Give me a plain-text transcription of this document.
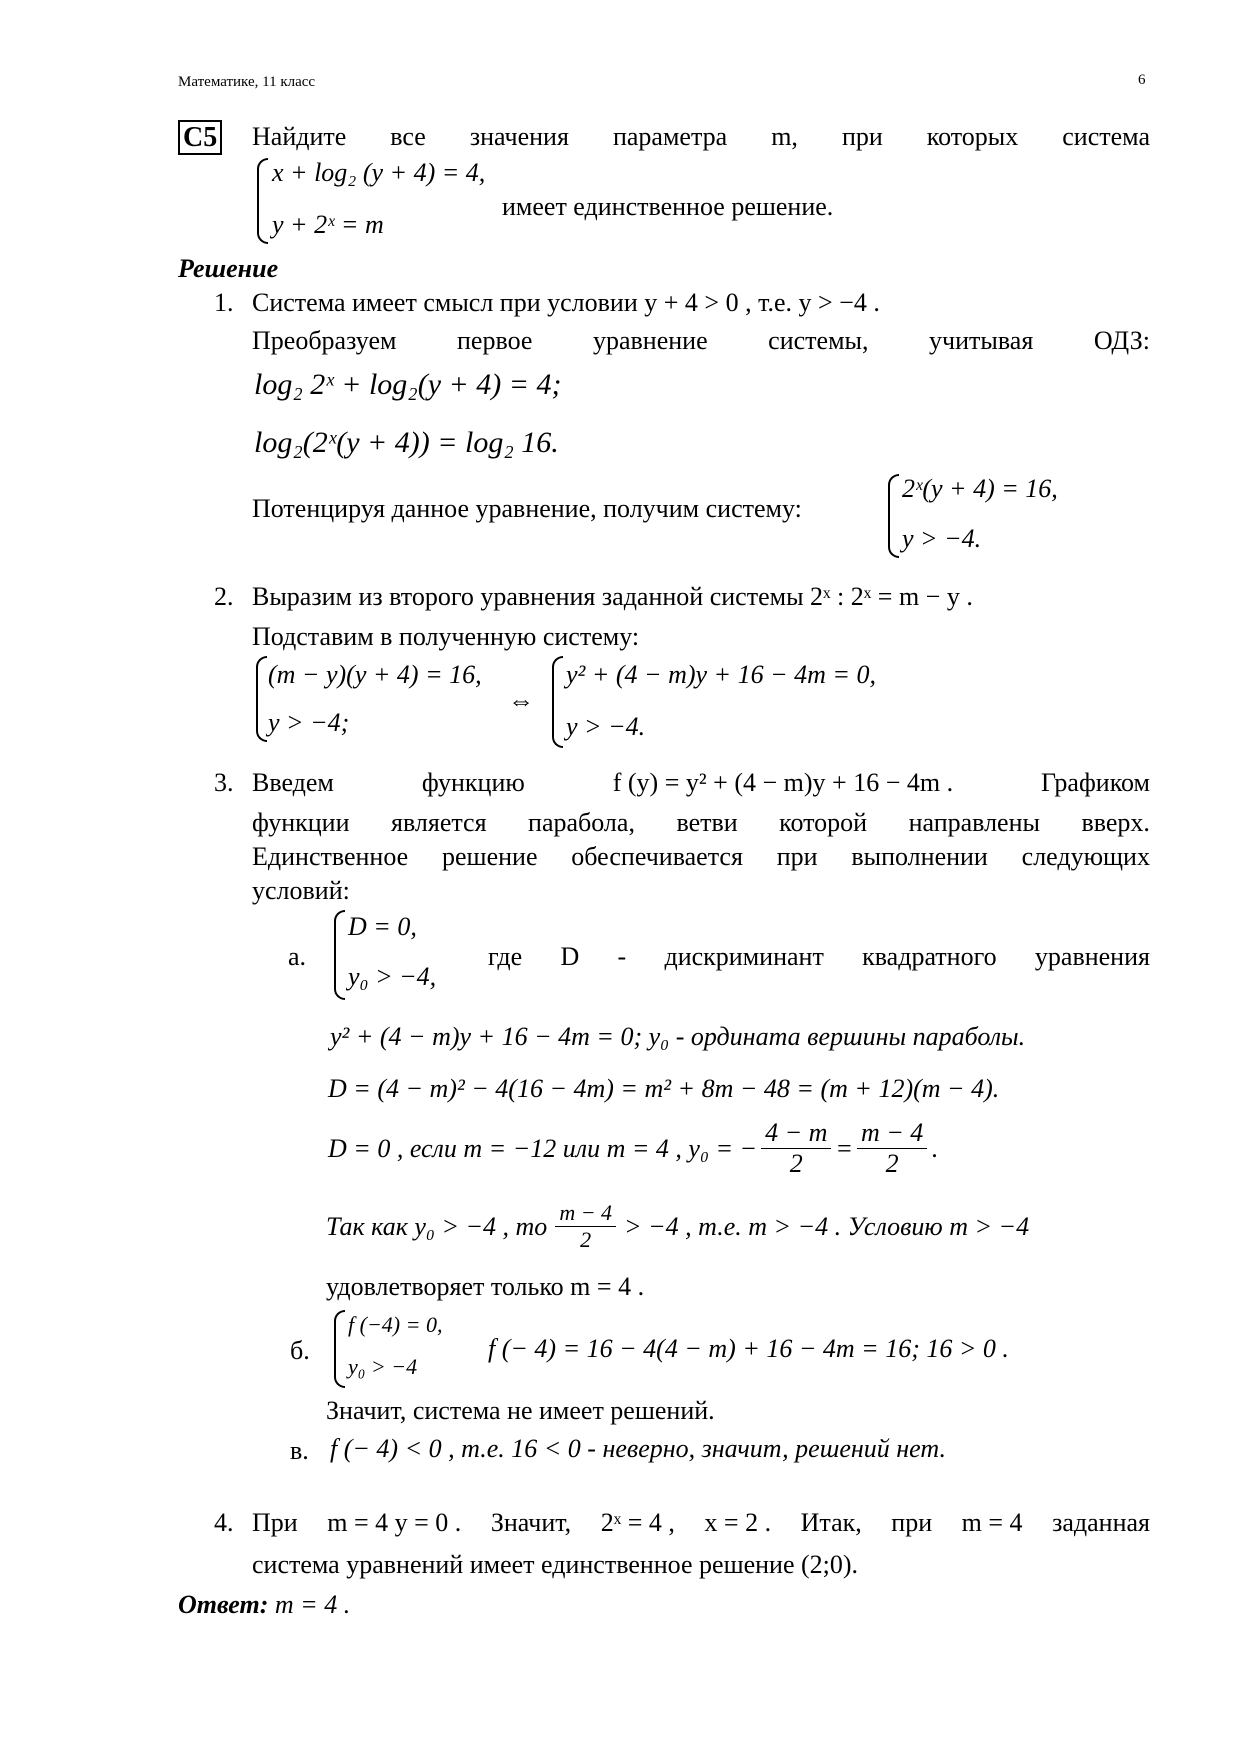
Математике, 11 класс	6
C5 Найдите все значения параметра m, при которых система
x + log₂ (y + 4) = 4,
y + 2ˣ = m
имеет единственное решение.
Решение
1. Система имеет смысл при условии y + 4 > 0 , т.е. y > −4 .
Преобразуем первое уравнение системы, учитывая ОДЗ:
log₂ 2ˣ + log₂(y + 4) = 4;
log₂(2ˣ(y + 4)) = log₂ 16.
Потенцируя данное уравнение, получим систему:
2ˣ(y + 4) = 16,
y > −4.
2. Выразим из второго уравнения заданной системы 2ˣ : 2ˣ = m − y .
Подставим в полученную систему:
(m − y)(y + 4) = 16,
y > −4;
⇔
y² + (4 − m)y + 16 − 4m = 0,
y > −4.
3. Введем	функцию	f (y) = y² + (4 − m)y + 16 − 4m .	Графиком
функции является парабола, ветви которой направлены вверх.
Единственное решение обеспечивается при выполнении следующих
условий:
а.
D = 0,
y₀ > −4,
где D - дискриминант квадратного уравнения
y² + (4 − m)y + 16 − 4m = 0; y₀ - ордината вершины параболы.
D = (4 − m)² − 4(16 − 4m) = m² + 8m − 48 = (m + 12)(m − 4).
D = 0 , если m = −12 или m = 4 , y₀ = − $\frac{4 - m}{2} = \frac{m - 4}{2}$ .
Так как y₀ > −4 , то $\frac{m - 4}{2} > -4$ , т.е. m > −4 . Условию m > −4
удовлетворяет только m = 4 .
б.
f (−4) = 0,
y₀ > −4
f (− 4) = 16 − 4(4 − m) + 16 − 4m = 16; 16 > 0 .
Значит, система не имеет решений.
в. f (− 4) < 0 , т.е. 16 < 0 - неверно, значит, решений нет.
4. При m = 4 y = 0 . Значит, 2ˣ = 4 , x = 2 . Итак, при m = 4 заданная
система уравнений имеет единственное решение (2;0).
Ответ: m = 4 .
